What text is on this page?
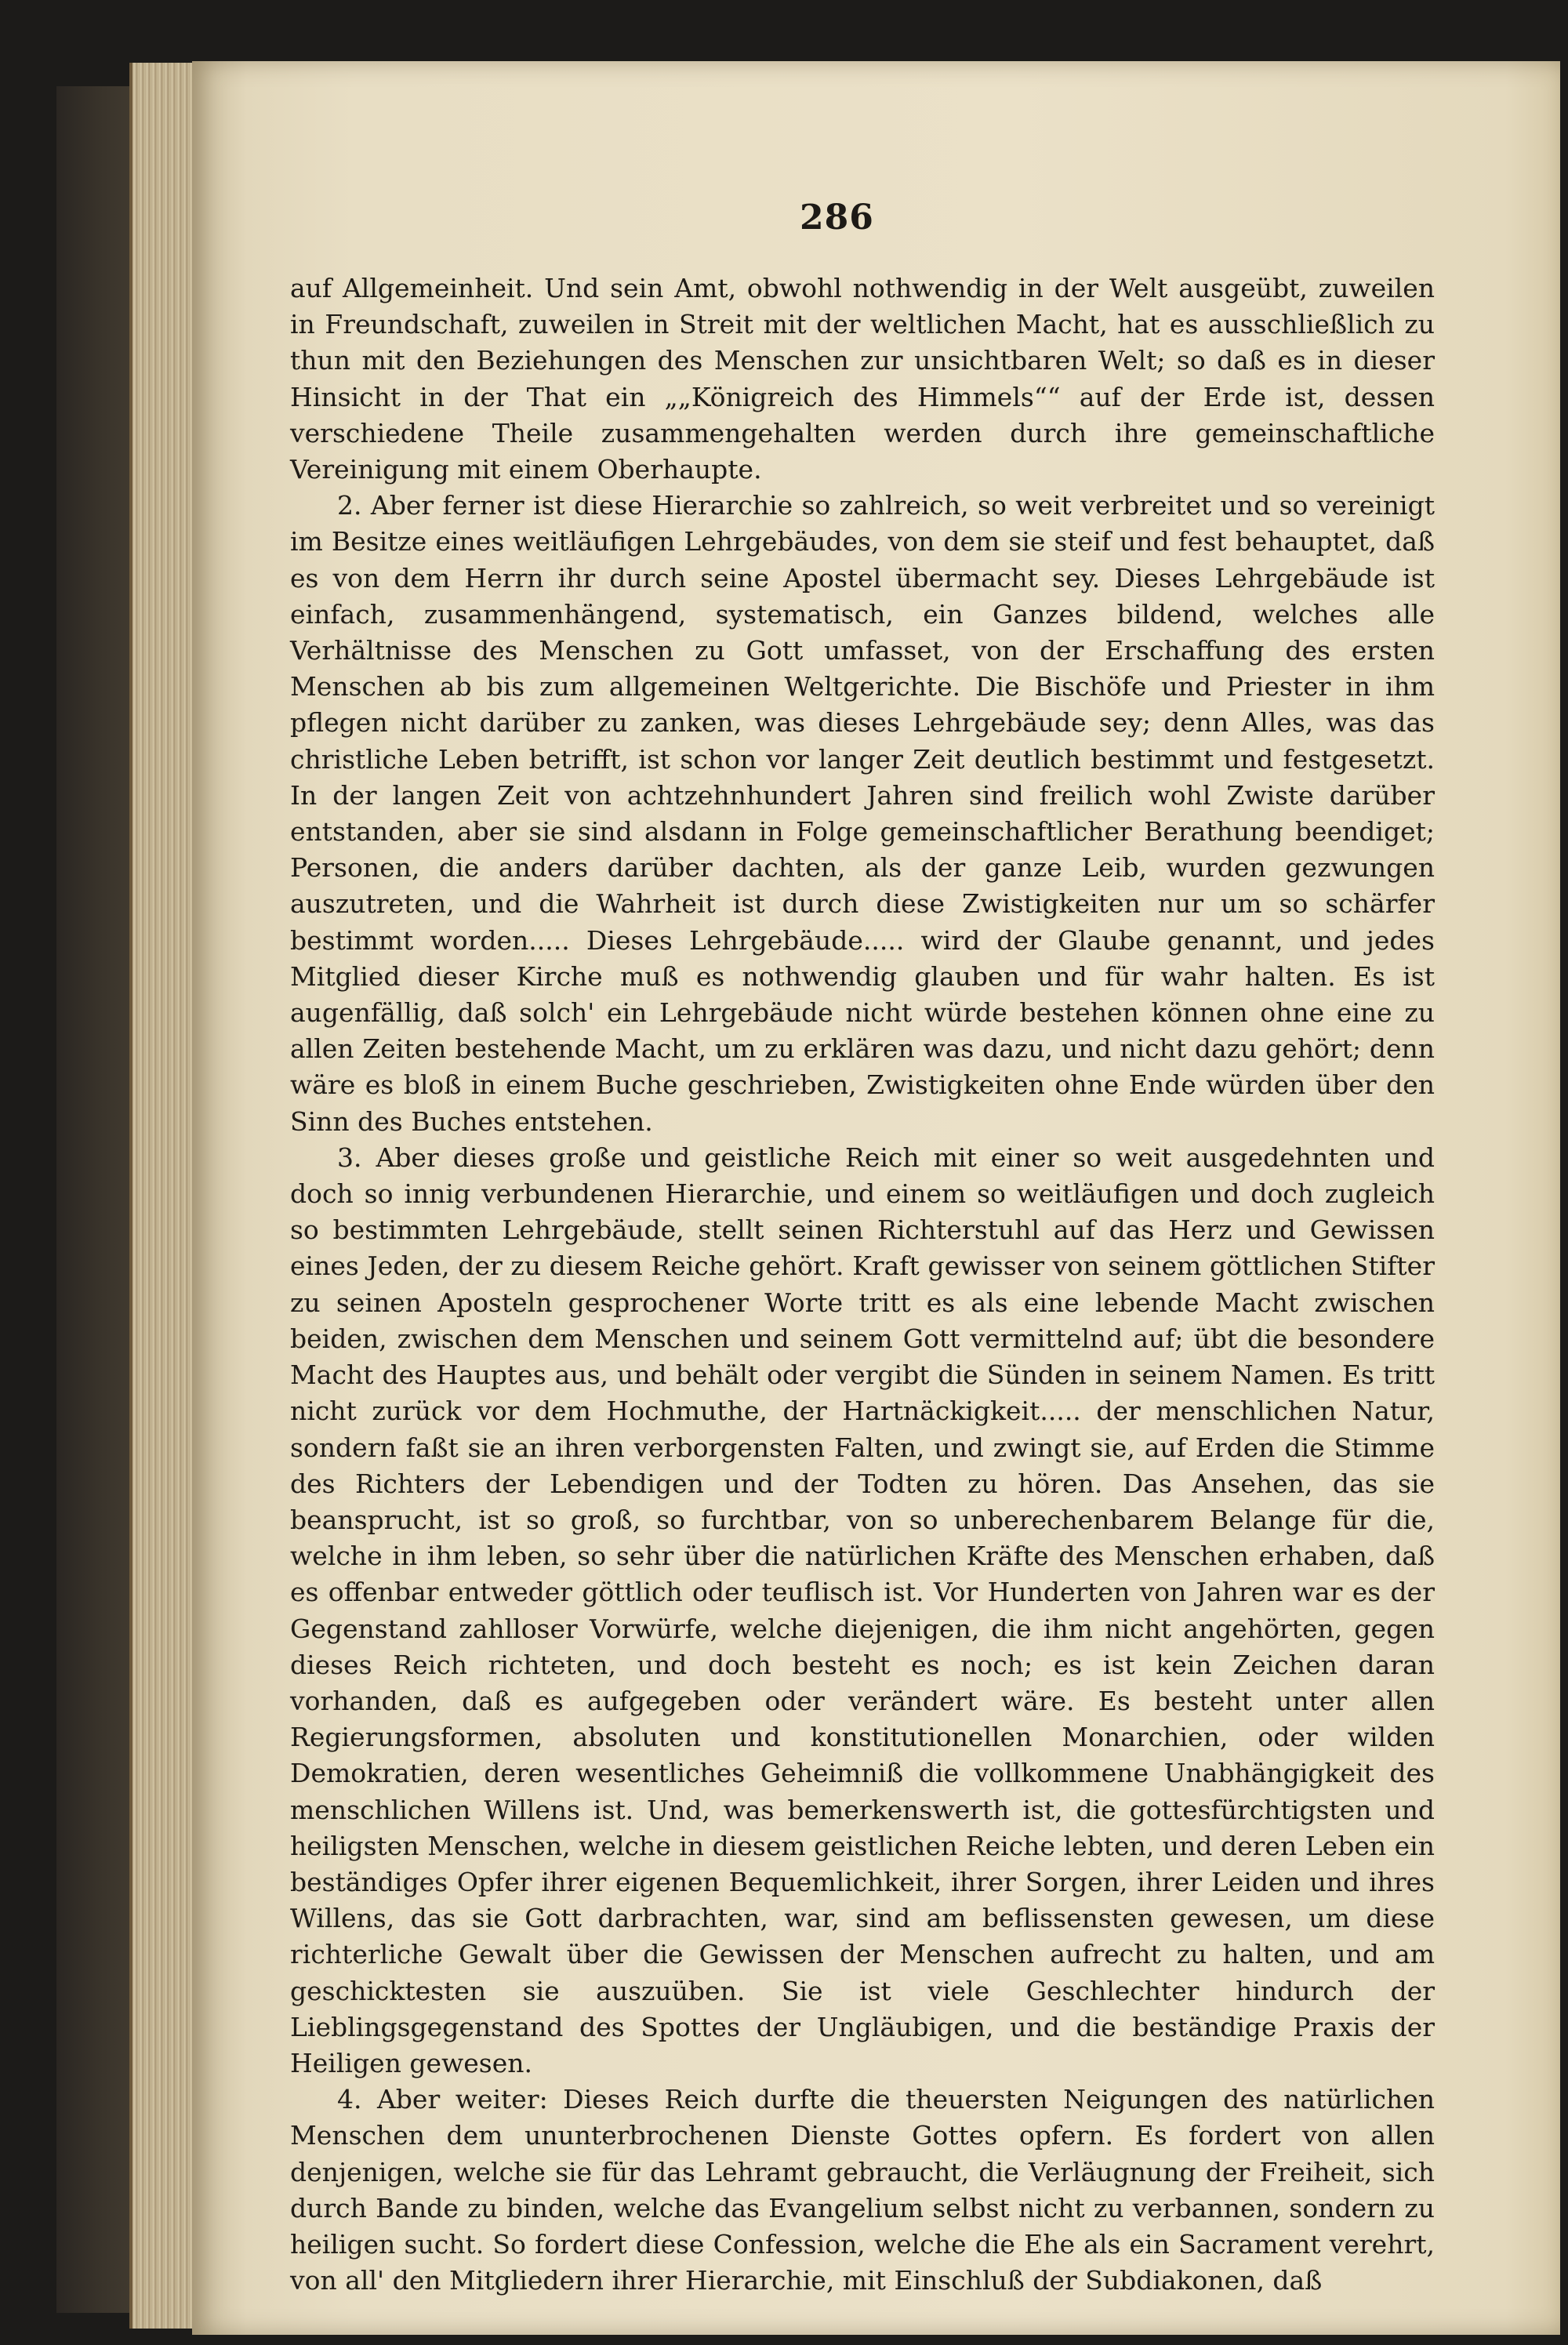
286

auf Allgemeinheit. Und sein Amt, obwohl nothwendig in der Welt ausgeübt, zuweilen in Freundschaft, zuweilen in Streit mit der weltlichen Macht, hat es ausschließlich zu thun mit den Beziehungen des Menschen zur unsichtbaren Welt; so daß es in dieser Hinsicht in der That ein „„Königreich des Himmels““ auf der Erde ist, dessen verschiedene Theile zusammengehalten werden durch ihre gemeinschaftliche Vereinigung mit einem Oberhaupte.

2. Aber ferner ist diese Hierarchie so zahlreich, so weit verbreitet und so vereinigt im Besitze eines weitläufigen Lehrgebäudes, von dem sie steif und fest behauptet, daß es von dem Herrn ihr durch seine Apostel übermacht sey. Dieses Lehrgebäude ist einfach, zusammenhängend, systematisch, ein Ganzes bildend, welches alle Verhältnisse des Menschen zu Gott umfasset, von der Erschaffung des ersten Menschen ab bis zum allgemeinen Weltgerichte. Die Bischöfe und Priester in ihm pflegen nicht darüber zu zanken, was dieses Lehrgebäude sey; denn Alles, was das christliche Leben betrifft, ist schon vor langer Zeit deutlich bestimmt und festgesetzt. In der langen Zeit von achtzehnhundert Jahren sind freilich wohl Zwiste darüber entstanden, aber sie sind alsdann in Folge gemeinschaftlicher Berathung beendiget; Personen, die anders darüber dachten, als der ganze Leib, wurden gezwungen auszutreten, und die Wahrheit ist durch diese Zwistigkeiten nur um so schärfer bestimmt worden..... Dieses Lehrgebäude..... wird der Glaube genannt, und jedes Mitglied dieser Kirche muß es nothwendig glauben und für wahr halten. Es ist augenfällig, daß solch' ein Lehrgebäude nicht würde bestehen können ohne eine zu allen Zeiten bestehende Macht, um zu erklären was dazu, und nicht dazu gehört; denn wäre es bloß in einem Buche geschrieben, Zwistigkeiten ohne Ende würden über den Sinn des Buches entstehen.

3. Aber dieses große und geistliche Reich mit einer so weit ausgedehnten und doch so innig verbundenen Hierarchie, und einem so weitläufigen und doch zugleich so bestimmten Lehrgebäude, stellt seinen Richterstuhl auf das Herz und Gewissen eines Jeden, der zu diesem Reiche gehört. Kraft gewisser von seinem göttlichen Stifter zu seinen Aposteln gesprochener Worte tritt es als eine lebende Macht zwischen beiden, zwischen dem Menschen und seinem Gott vermittelnd auf; übt die besondere Macht des Hauptes aus, und behält oder vergibt die Sünden in seinem Namen. Es tritt nicht zurück vor dem Hochmuthe, der Hartnäckigkeit..... der menschlichen Natur, sondern faßt sie an ihren verborgensten Falten, und zwingt sie, auf Erden die Stimme des Richters der Lebendigen und der Todten zu hören. Das Ansehen, das sie beansprucht, ist so groß, so furchtbar, von so unberechenbarem Belange für die, welche in ihm leben, so sehr über die natürlichen Kräfte des Menschen erhaben, daß es offenbar entweder göttlich oder teuflisch ist. Vor Hunderten von Jahren war es der Gegenstand zahlloser Vorwürfe, welche diejenigen, die ihm nicht angehörten, gegen dieses Reich richteten, und doch besteht es noch; es ist kein Zeichen daran vorhanden, daß es aufgegeben oder verändert wäre. Es besteht unter allen Regierungsformen, absoluten und konstitutionellen Monarchien, oder wilden Demokratien, deren wesentliches Geheimniß die vollkommene Unabhängigkeit des menschlichen Willens ist. Und, was bemerkenswerth ist, die gottesfürchtigsten und heiligsten Menschen, welche in diesem geistlichen Reiche lebten, und deren Leben ein beständiges Opfer ihrer eigenen Bequemlichkeit, ihrer Sorgen, ihrer Leiden und ihres Willens, das sie Gott darbrachten, war, sind am beflissensten gewesen, um diese richterliche Gewalt über die Gewissen der Menschen aufrecht zu halten, und am geschicktesten sie auszuüben. Sie ist viele Geschlechter hindurch der Lieblingsgegenstand des Spottes der Ungläubigen, und die beständige Praxis der Heiligen gewesen.

4. Aber weiter: Dieses Reich durfte die theuersten Neigungen des natürlichen Menschen dem ununterbrochenen Dienste Gottes opfern. Es fordert von allen denjenigen, welche sie für das Lehramt gebraucht, die Verläugnung der Freiheit, sich durch Bande zu binden, welche das Evangelium selbst nicht zu verbannen, sondern zu heiligen sucht. So fordert diese Confession, welche die Ehe als ein Sacrament verehrt, von all' den Mitgliedern ihrer Hierarchie, mit Einschluß der Subdiakonen, daß
